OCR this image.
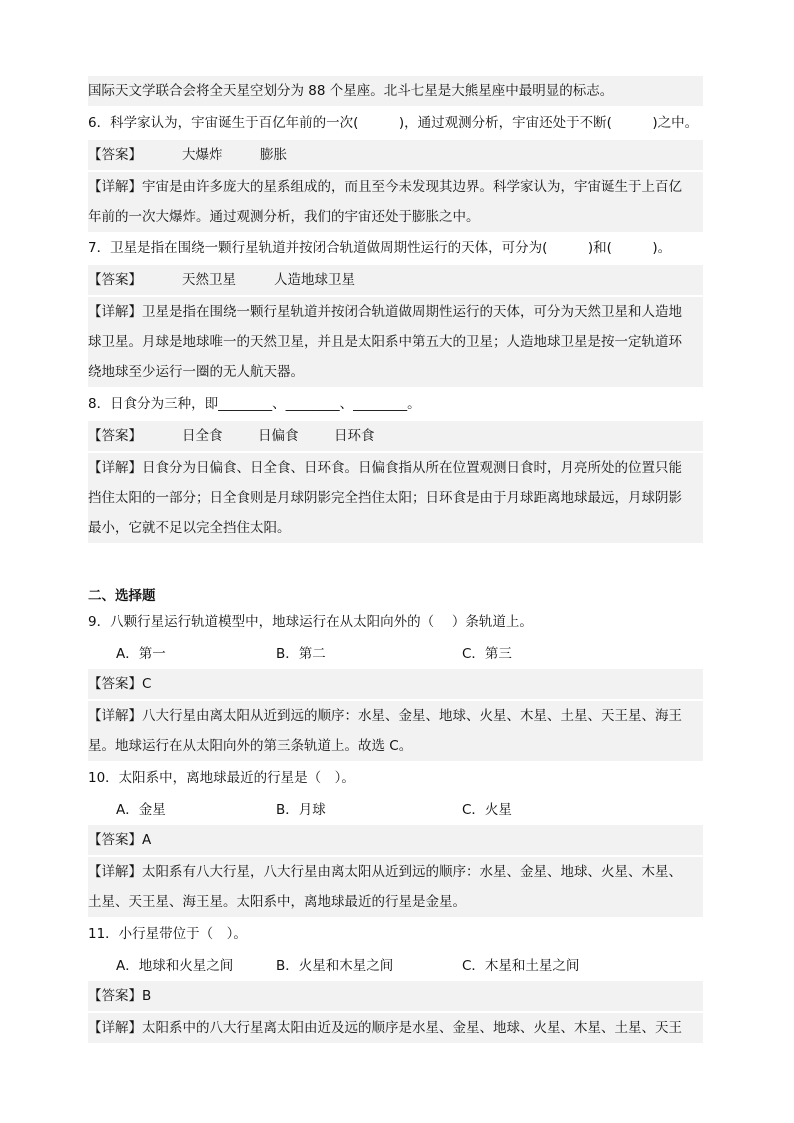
国际天文学联合会将全天星空划分为 88 个星座。北斗七星是大熊星座中最明显的标志。
6．科学家认为，宇宙诞生于百亿年前的一次(　　　)，通过观测分析，宇宙还处于不断(　　　)之中。
【答案】	大爆炸	膨胀
【详解】宇宙是由许多庞大的星系组成的，而且至今未发现其边界。科学家认为，宇宙诞生于上百亿
年前的一次大爆炸。通过观测分析，我们的宇宙还处于膨胀之中。
7．卫星是指在围绕一颗行星轨道并按闭合轨道做周期性运行的天体，可分为(　　　)和(　　　)。
【答案】	天然卫星	人造地球卫星
【详解】卫星是指在围绕一颗行星轨道并按闭合轨道做周期性运行的天体，可分为天然卫星和人造地
球卫星。月球是地球唯一的天然卫星，并且是太阳系中第五大的卫星；人造地球卫星是按一定轨道环
绕地球至少运行一圈的无人航天器。
8．日食分为三种，即________、________、________。
【答案】	日全食	日偏食	日环食
【详解】日食分为日偏食、日全食、日环食。日偏食指从所在位置观测日食时，月亮所处的位置只能
挡住太阳的一部分；日全食则是月球阴影完全挡住太阳；日环食是由于月球距离地球最远，月球阴影
最小，它就不足以完全挡住太阳。
二、选择题
9．八颗行星运行轨道模型中，地球运行在从太阳向外的（　 ）条轨道上。
A．第一	B．第二	C．第三
【答案】C
【详解】八大行星由离太阳从近到远的顺序：水星、金星、地球、火星、木星、土星、天王星、海王
星。地球运行在从太阳向外的第三条轨道上。故选 C。
10．太阳系中，离地球最近的行星是（　）。
A．金星	B．月球	C．火星
【答案】A
【详解】太阳系有八大行星，八大行星由离太阳从近到远的顺序：水星、金星、地球、火星、木星、
土星、天王星、海王星。太阳系中，离地球最近的行星是金星。
11．小行星带位于（　）。
A．地球和火星之间	B．火星和木星之间	C．木星和土星之间
【答案】B
【详解】太阳系中的八大行星离太阳由近及远的顺序是水星、金星、地球、火星、木星、土星、天王
